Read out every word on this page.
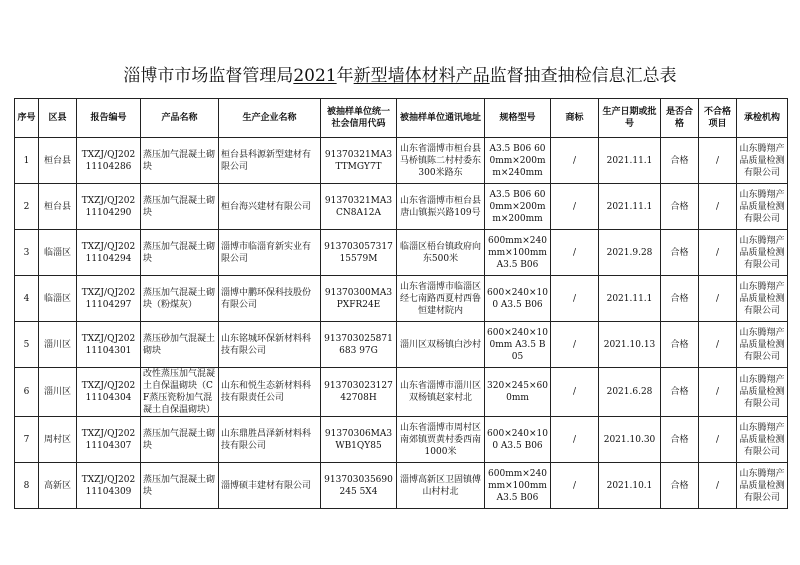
淄博市市场监督管理局2021年新型墙体材料产品监督抽查抽检信息汇总表
序号	区县	报告编号	产品名称	生产企业名称	被抽样单位统一社会信用代码	被抽样单位通讯地址	规格型号	商标	生产日期或批号	是否合格	不合格项目	承检机构
1	桓台县	TXZJ/QJ20211104286	蒸压加气混凝土砌块	桓台县科源新型建材有限公司	91370321MA3TTMGY7T	山东省淄博市桓台县马桥镇陈二村村委东300米路东	A3.5 B06 600mm×200mm×240mm	/	2021.11.1	合格	/	山东腾翔产品质量检测有限公司
2	桓台县	TXZJ/QJ20211104290	蒸压加气混凝土砌块	桓台海兴建材有限公司	91370321MA3CN8A12A	山东省淄博市桓台县唐山镇振兴路109号	A3.5 B06 600mm×200mm×200mm	/	2021.11.1	合格	/	山东腾翔产品质量检测有限公司
3	临淄区	TXZJ/QJ20211104294	蒸压加气混凝土砌块	淄博市临淄育新实业有限公司	91370305731715579M	临淄区梧台镇政府向东500米	600mm×240mm×100mm A3.5 B06	/	2021.9.28	合格	/	山东腾翔产品质量检测有限公司
4	临淄区	TXZJ/QJ20211104297	蒸压加气混凝土砌块（粉煤灰）	淄博中鹏环保科技股份有限公司	91370300MA3PXFR24E	山东省淄博市临淄区经七南路西夏村西鲁恒建材院内	600×240×100 A3.5 B06	/	2021.11.1	合格	/	山东腾翔产品质量检测有限公司
5	淄川区	TXZJ/QJ20211104301	蒸压砂加气混凝土砌块	山东铭城环保新材料科技有限公司	913703025871683 97G	淄川区双杨镇白沙村	600×240×100mm A3.5 B05	/	2021.10.13	合格	/	山东腾翔产品质量检测有限公司
6	淄川区	TXZJ/QJ20211104304	改性蒸压加气混凝土自保温砌块（CF蒸压瓷粉加气混凝土自保温砌块）	山东和悦生态新材料科技有限责任公司	91370302312742708H	山东省淄博市淄川区双杨镇赵家村北	320×245×600mm	/	2021.6.28	合格	/	山东腾翔产品质量检测有限公司
7	周村区	TXZJ/QJ20211104307	蒸压加气混凝土砌块	山东鼎胜昌泽新材料科技有限公司	91370306MA3WB1QY85	山东省淄博市周村区南郊镇贾黄村委西南1000米	600×240×100 A3.5 B06	/	2021.10.30	合格	/	山东腾翔产品质量检测有限公司
8	高新区	TXZJ/QJ20211104309	蒸压加气混凝土砌块	淄博硕丰建材有限公司	913703035690245 5X4	淄博高新区卫固镇傅山村村北	600mm×240mm×100mm A3.5 B06	/	2021.10.1	合格	/	山东腾翔产品质量检测有限公司
